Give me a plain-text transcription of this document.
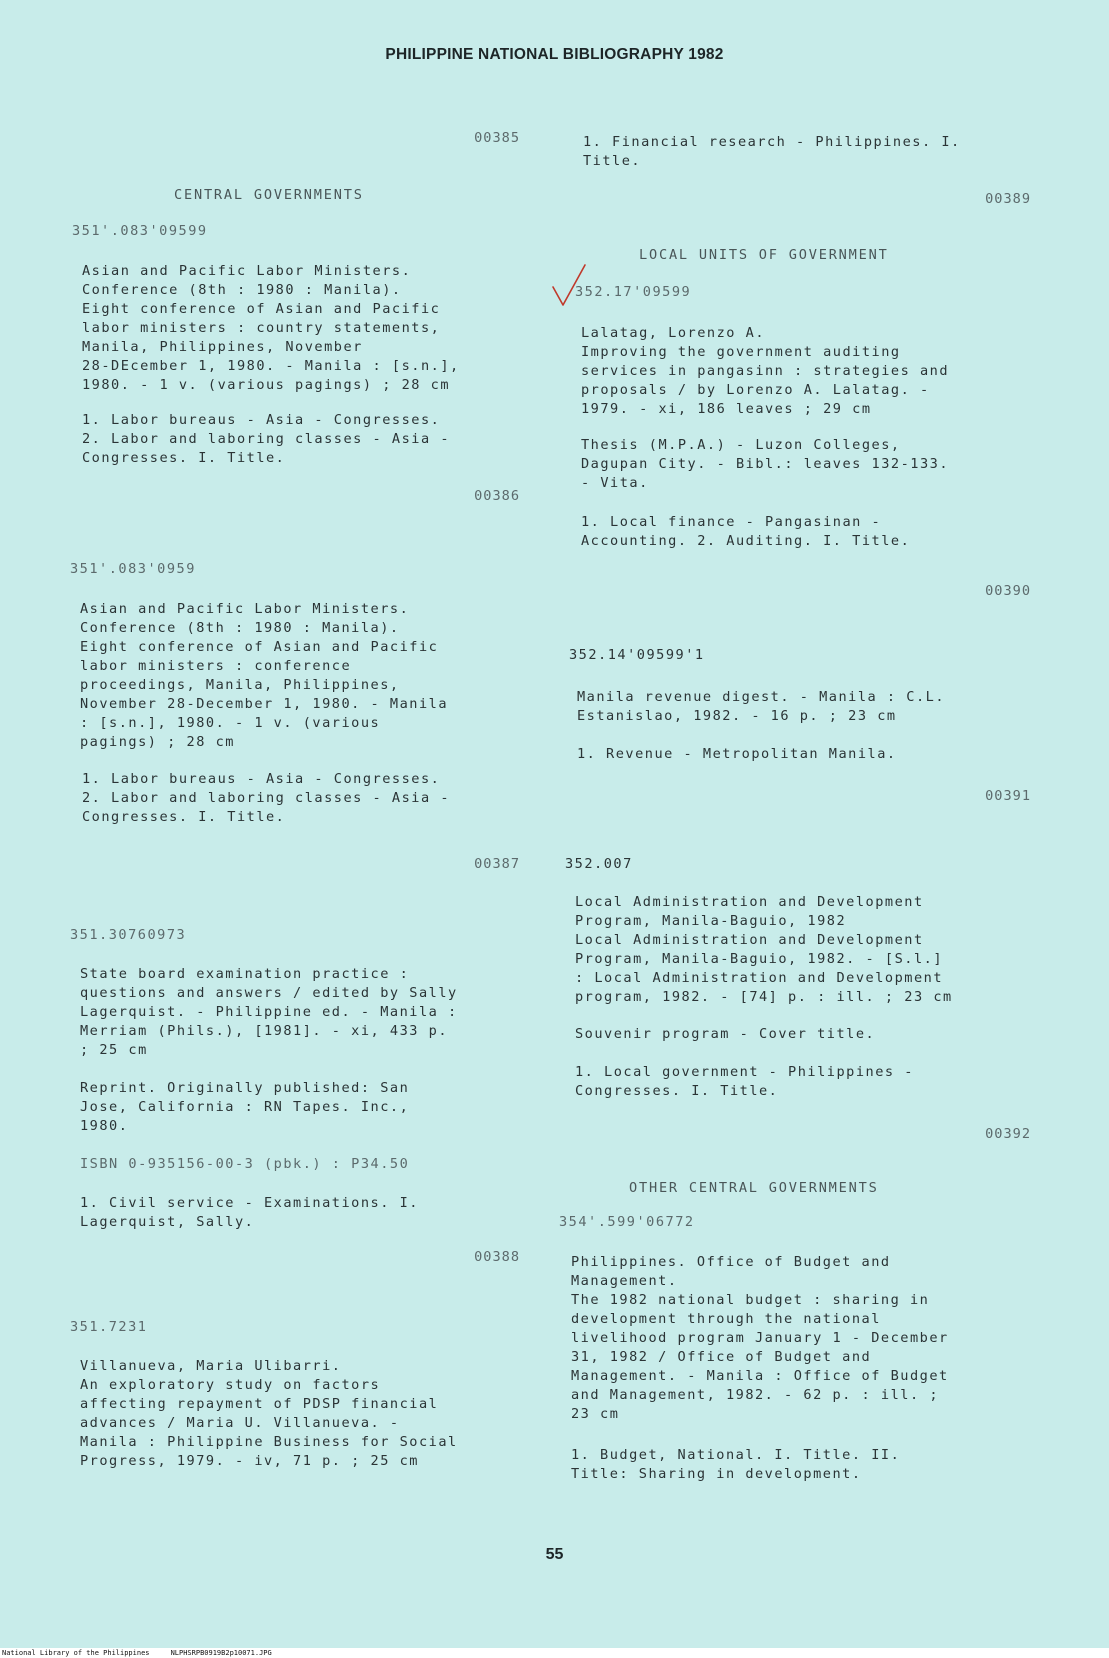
PHILIPPINE NATIONAL BIBLIOGRAPHY 1982
00385
CENTRAL GOVERNMENTS
351'.083'09599
Asian and Pacific Labor Ministers.
Conference (8th : 1980 : Manila).
Eight conference of Asian and Pacific
labor ministers : country statements,
Manila, Philippines, November
28-DEcember 1, 1980. - Manila : [s.n.],
1980. - 1 v. (various pagings) ; 28 cm
1. Labor bureaus - Asia - Congresses.
2. Labor and laboring classes - Asia -
Congresses. I. Title.
00386
351'.083'0959
Asian and Pacific Labor Ministers.
Conference (8th : 1980 : Manila).
Eight conference of Asian and Pacific
labor ministers : conference
proceedings, Manila, Philippines,
November 28-December 1, 1980. - Manila
: [s.n.], 1980. - 1 v. (various
pagings) ; 28 cm
1. Labor bureaus - Asia - Congresses.
2. Labor and laboring classes - Asia -
Congresses. I. Title.
00387
351.30760973
State board examination practice :
questions and answers / edited by Sally
Lagerquist. - Philippine ed. - Manila :
Merriam (Phils.), [1981]. - xi, 433 p.
; 25 cm
Reprint. Originally published: San
Jose, California : RN Tapes. Inc.,
1980.
ISBN 0-935156-00-3 (pbk.) : P34.50
1. Civil service - Examinations. I.
Lagerquist, Sally.
00388
351.7231
Villanueva, Maria Ulibarri.
An exploratory study on factors
affecting repayment of PDSP financial
advances / Maria U. Villanueva. -
Manila : Philippine Business for Social
Progress, 1979. - iv, 71 p. ; 25 cm
1. Financial research - Philippines. I.
Title.
00389
LOCAL UNITS OF GOVERNMENT
352.17'09599
Lalatag, Lorenzo A.
Improving the government auditing
services in pangasinn : strategies and
proposals / by Lorenzo A. Lalatag. -
1979. - xi, 186 leaves ; 29 cm
Thesis (M.P.A.) - Luzon Colleges,
Dagupan City. - Bibl.: leaves 132-133.
- Vita.
1. Local finance - Pangasinan -
Accounting. 2. Auditing. I. Title.
00390
352.14'09599'1
Manila revenue digest. - Manila : C.L.
Estanislao, 1982. - 16 p. ; 23 cm
1. Revenue - Metropolitan Manila.
00391
352.007
Local Administration and Development
Program, Manila-Baguio, 1982
Local Administration and Development
Program, Manila-Baguio, 1982. - [S.l.]
: Local Administration and Development
program, 1982. - [74] p. : ill. ; 23 cm
Souvenir program - Cover title.
1. Local government - Philippines -
Congresses. I. Title.
00392
OTHER CENTRAL GOVERNMENTS
354'.599'06772
Philippines. Office of Budget and
Management.
The 1982 national budget : sharing in
development through the national
livelihood program January 1 - December
31, 1982 / Office of Budget and
Management. - Manila : Office of Budget
and Management, 1982. - 62 p. : ill. ;
23 cm
1. Budget, National. I. Title. II.
Title: Sharing in development.
55
National Library of the Philippines     NLPHSRPB0919B2p10071.JPG
